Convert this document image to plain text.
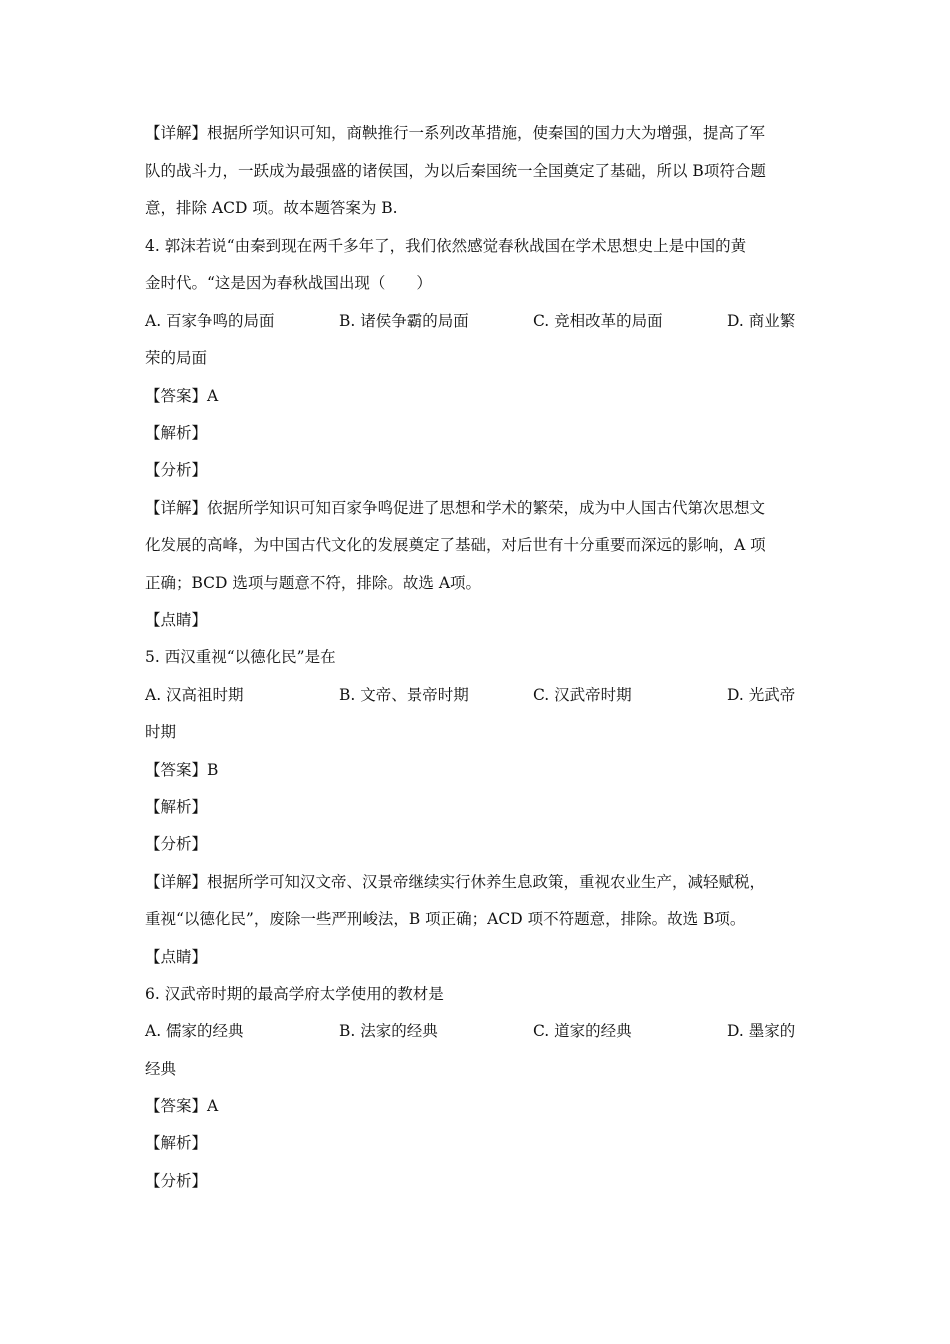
【详解】根据所学知识可知，商鞅推行一系列改革措施，使秦国的国力大为增强，提高了军
队的战斗力，一跃成为最强盛的诸侯国，为以后秦国统一全国奠定了基础，所以 B项符合题
意，排除 ACD 项。故本题答案为 B.
4. 郭沫若说“由秦到现在两千多年了，我们依然感觉春秋战国在学术思想史上是中国的黄
金时代。“这是因为春秋战国出现（　　）
A. 百家争鸣的局面	B. 诸侯争霸的局面	C. 竞相改革的局面	D. 商业繁
荣的局面
【答案】A
【解析】
【分析】
【详解】依据所学知识可知百家争鸣促进了思想和学术的繁荣，成为中人国古代第次思想文
化发展的高峰，为中国古代文化的发展奠定了基础，对后世有十分重要而深远的影响，A 项
正确；BCD 选项与题意不符，排除。故选 A项。
【点睛】
5. 西汉重视“以德化民”是在
A. 汉高祖时期	B. 文帝、景帝时期	C. 汉武帝时期	D. 光武帝
时期
【答案】B
【解析】
【分析】
【详解】根据所学可知汉文帝、汉景帝继续实行休养生息政策，重视农业生产，减轻赋税，
重视“以德化民”，废除一些严刑峻法，B 项正确；ACD 项不符题意，排除。故选 B项。
【点睛】
6. 汉武帝时期的最高学府太学使用的教材是
A. 儒家的经典	B. 法家的经典	C. 道家的经典	D. 墨家的
经典
【答案】A
【解析】
【分析】
